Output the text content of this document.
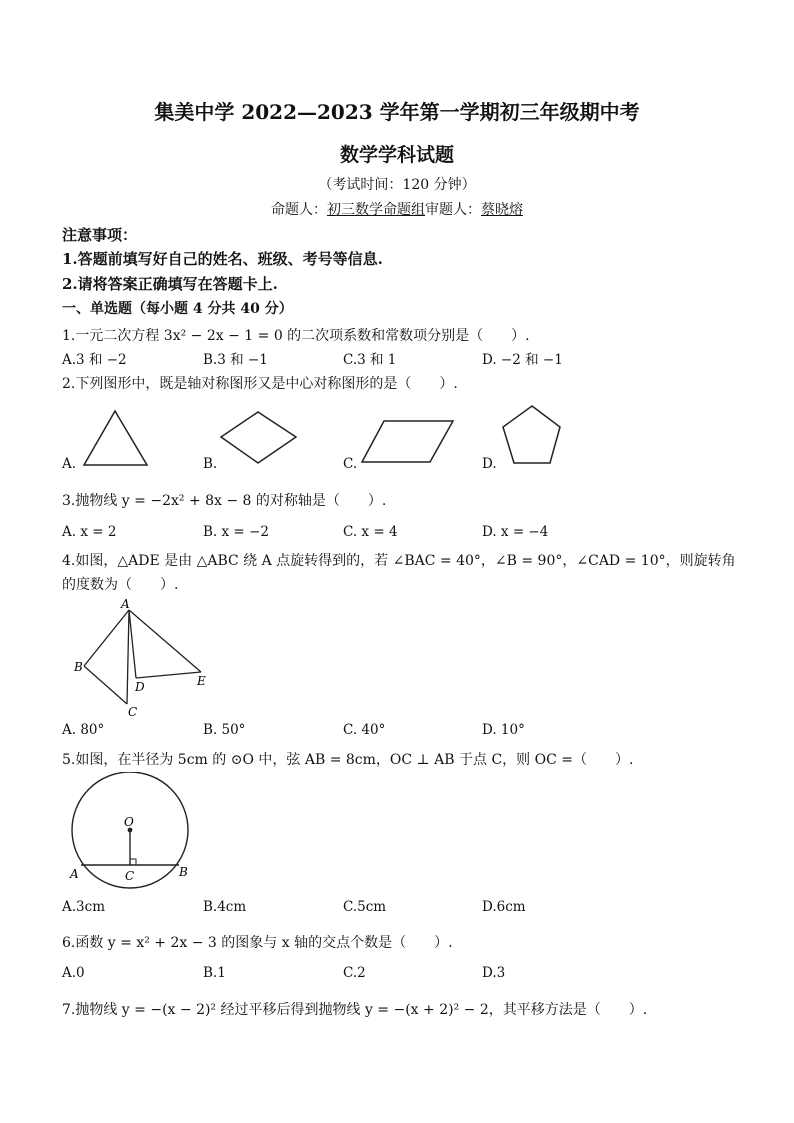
集美中学 2022—2023 学年第一学期初三年级期中考
数学学科试题
（考试时间：120 分钟）
命题人：初三数学命题组审题人：蔡晓熔
注意事项：
1.答题前填写好自己的姓名、班级、考号等信息.
2.请将答案正确填写在答题卡上.
一、单选题（每小题 4 分共 40 分）
1.一元二次方程 3x² − 2x − 1 = 0 的二次项系数和常数项分别是（　　）.
A.3 和 −2	B.3 和 −1	C.3 和 1	D. −2 和 −1
2.下列图形中，既是轴对称图形又是中心对称图形的是（　　）.
A.	B.	C.	D.
3.抛物线 y = −2x² + 8x − 8 的对称轴是（　　）.
A. x = 2	B. x = −2	C. x = 4	D. x = −4
4.如图，△ADE 是由 △ABC 绕 A 点旋转得到的，若 ∠BAC = 40°，∠B = 90°，∠CAD = 10°，则旋转角
的度数为（　　）.
A
B
C
D	E
A. 80°	B. 50°	C. 40°	D. 10°
5.如图，在半径为 5cm 的 ⊙O 中，弦 AB = 8cm，OC ⊥ AB 于点 C，则 OC =（　　）.
O
A	C	B
A.3cm	B.4cm	C.5cm	D.6cm
6.函数 y = x² + 2x − 3 的图象与 x 轴的交点个数是（　　）.
A.0	B.1	C.2	D.3
7.抛物线 y = −(x − 2)² 经过平移后得到抛物线 y = −(x + 2)² − 2，其平移方法是（　　）.
